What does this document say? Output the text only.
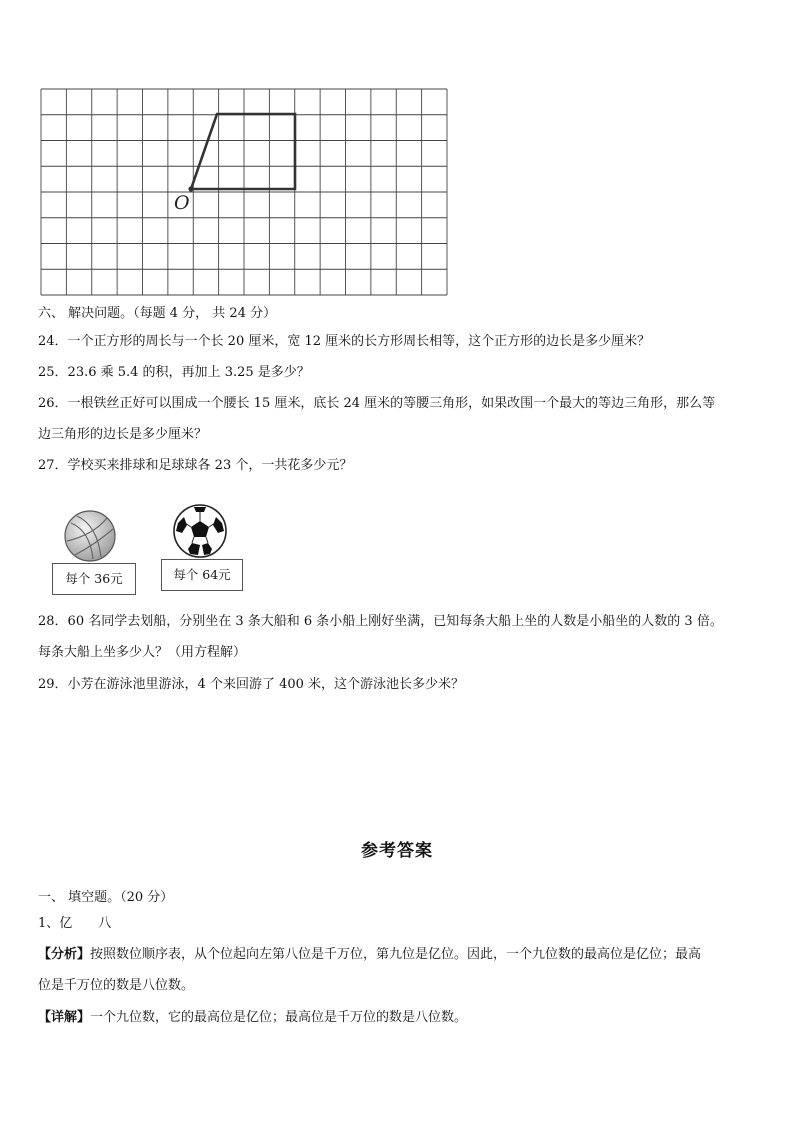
O
六、 解决问题。（每题 4 分， 共 24 分）
24．一个正方形的周长与一个长 20 厘米，宽 12 厘米的长方形周长相等，这个正方形的边长是多少厘米？
25．23.6 乘 5.4 的积，再加上 3.25 是多少？
26．一根铁丝正好可以围成一个腰长 15 厘米，底长 24 厘米的等腰三角形，如果改围一个最大的等边三角形，那么等
边三角形的边长是多少厘米？
27．学校买来排球和足球球各 23 个，一共花多少元？
每个 36元	每个 64元
28．60 名同学去划船，分别坐在 3 条大船和 6 条小船上刚好坐满，已知每条大船上坐的人数是小船坐的人数的 3 倍。
每条大船上坐多少人？（用方程解）
29．小芳在游泳池里游泳，4 个来回游了 400 米，这个游泳池长多少米？
参考答案
一、 填空题。（20 分）
1、亿　　八
【分析】按照数位顺序表，从个位起向左第八位是千万位，第九位是亿位。因此，一个九位数的最高位是亿位；最高
位是千万位的数是八位数。
【详解】一个九位数，它的最高位是亿位；最高位是千万位的数是八位数。
